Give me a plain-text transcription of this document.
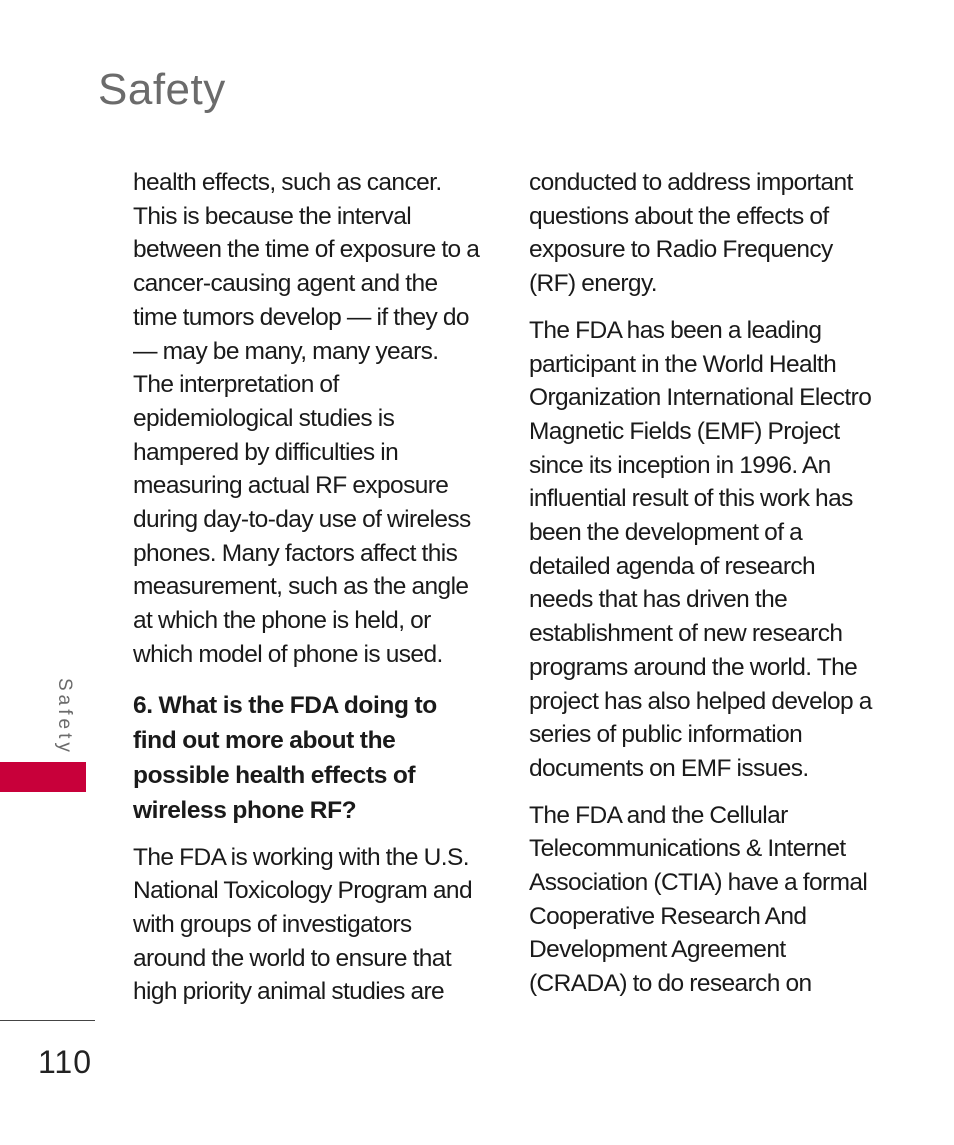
Safety

health effects, such as cancer. This is because the interval between the time of exposure to a cancer-causing agent and the time tumors develop — if they do — may be many, many years. The interpretation of epidemiological studies is hampered by difficulties in measuring actual RF exposure during day-to-day use of wireless phones. Many factors affect this measurement, such as the angle at which the phone is held, or which model of phone is used.

6. What is the FDA doing to find out more about the possible health effects of wireless phone RF?

The FDA is working with the U.S. National Toxicology Program and with groups of investigators around the world to ensure that high priority animal studies are

conducted to address important questions about the effects of exposure to Radio Frequency (RF) energy.

The FDA has been a leading participant in the World Health Organization International Electro Magnetic Fields (EMF) Project since its inception in 1996. An influential result of this work has been the development of a detailed agenda of research needs that has driven the establishment of new research programs around the world. The project has also helped develop a series of public information documents on EMF issues.

The FDA and the Cellular Telecommunications & Internet Association (CTIA) have a formal Cooperative Research And Development Agreement (CRADA) to do research on

Safety
110
